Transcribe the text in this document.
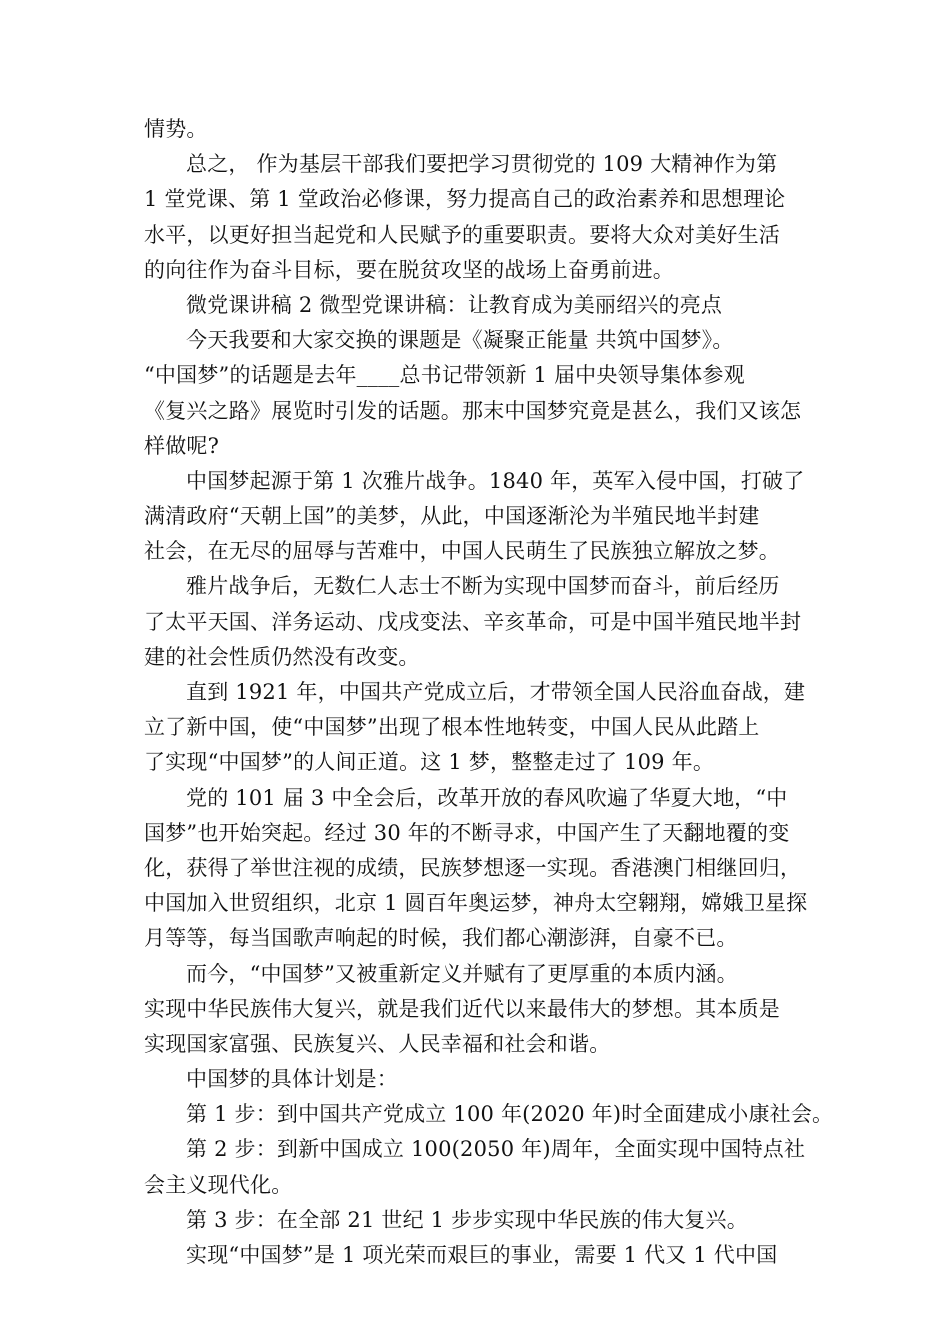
情势。
总之， 作为基层干部我们要把学习贯彻党的 109 大精神作为第
1 堂党课、第 1 堂政治必修课，努力提高自己的政治素养和思想理论
水平，以更好担当起党和人民赋予的重要职责。要将大众对美好生活
的向往作为奋斗目标，要在脱贫攻坚的战场上奋勇前进。
微党课讲稿 2 微型党课讲稿：让教育成为美丽绍兴的亮点
今天我要和大家交换的课题是《凝聚正能量 共筑中国梦》。
“中国梦”的话题是去年____总书记带领新 1 届中央领导集体参观
《复兴之路》展览时引发的话题。那末中国梦究竟是甚么，我们又该怎
样做呢?
中国梦起源于第 1 次雅片战争。1840 年，英军入侵中国，打破了
满清政府“天朝上国”的美梦，从此，中国逐渐沦为半殖民地半封建
社会，在无尽的屈辱与苦难中，中国人民萌生了民族独立解放之梦。
雅片战争后，无数仁人志士不断为实现中国梦而奋斗，前后经历
了太平天国、洋务运动、戊戌变法、辛亥革命，可是中国半殖民地半封
建的社会性质仍然没有改变。
直到 1921 年，中国共产党成立后，才带领全国人民浴血奋战，建
立了新中国，使“中国梦”出现了根本性地转变，中国人民从此踏上
了实现“中国梦”的人间正道。这 1 梦，整整走过了 109 年。
党的 101 届 3 中全会后，改革开放的春风吹遍了华夏大地，“中
国梦”也开始突起。经过 30 年的不断寻求，中国产生了天翻地覆的变
化，获得了举世注视的成绩，民族梦想逐一实现。香港澳门相继回归，
中国加入世贸组织，北京 1 圆百年奥运梦，神舟太空翱翔，嫦娥卫星探
月等等，每当国歌声响起的时候，我们都心潮澎湃，自豪不已。
而今，“中国梦”又被重新定义并赋有了更厚重的本质内涵。
实现中华民族伟大复兴，就是我们近代以来最伟大的梦想。其本质是
实现国家富强、民族复兴、人民幸福和社会和谐。
中国梦的具体计划是：
第 1 步：到中国共产党成立 100 年(2020 年)时全面建成小康社会。
第 2 步：到新中国成立 100(2050 年)周年，全面实现中国特点社
会主义现代化。
第 3 步：在全部 21 世纪 1 步步实现中华民族的伟大复兴。
实现“中国梦”是 1 项光荣而艰巨的事业，需要 1 代又 1 代中国
